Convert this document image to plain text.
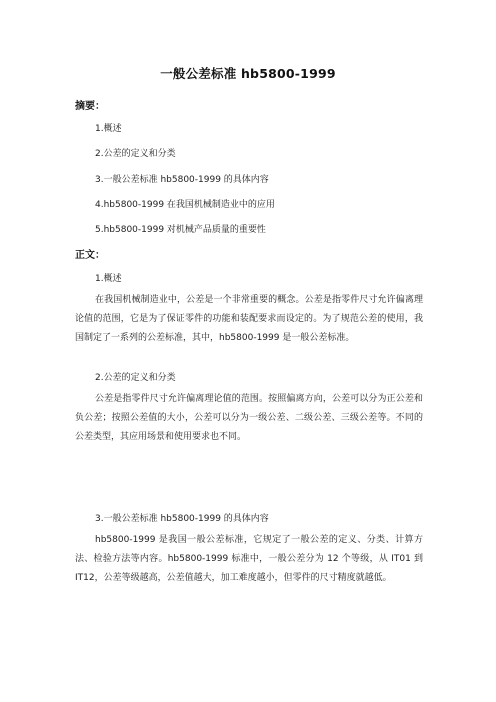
一般公差标准 hb5800-1999
摘要：
1.概述
2.公差的定义和分类
3.一般公差标准 hb5800-1999 的具体内容
4.hb5800-1999 在我国机械制造业中的应用
5.hb5800-1999 对机械产品质量的重要性
正文：
1.概述
在我国机械制造业中，公差是一个非常重要的概念。公差是指零件尺寸允许偏离理论值的范围，它是为了保证零件的功能和装配要求而设定的。为了规范公差的使用，我国制定了一系列的公差标准，其中，hb5800-1999 是一般公差标准。
2.公差的定义和分类
公差是指零件尺寸允许偏离理论值的范围。按照偏离方向，公差可以分为正公差和负公差；按照公差值的大小，公差可以分为一级公差、二级公差、三级公差等。不同的公差类型，其应用场景和使用要求也不同。
3.一般公差标准 hb5800-1999 的具体内容
hb5800-1999 是我国一般公差标准，它规定了一般公差的定义、分类、计算方法、检验方法等内容。hb5800-1999 标准中，一般公差分为 12 个等级，从 IT01 到 IT12，公差等级越高，公差值越大，加工难度越小，但零件的尺寸精度就越低。
